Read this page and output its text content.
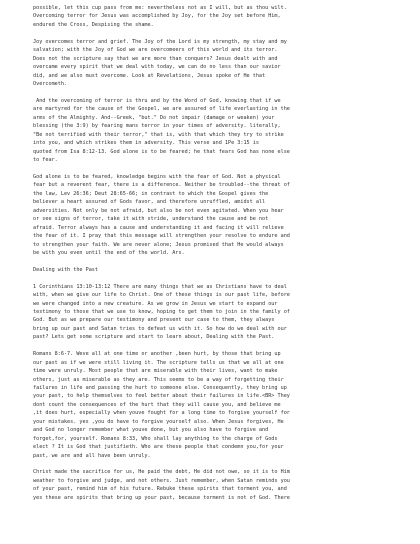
possible, let this cup pass from me: nevertheless not as I will, but as thou wilt.
Overcoming terror for Jesus was accomplished by Joy, for the Joy set before Him,
endured the Cross, Despising the shame.

Joy overcomes terror and grief. The Joy of the Lord is my strength, my stay and my
salvation; with the Joy of God we are overcomeers of this world and its terror.
Does not the scripture say that we are more than conquers? Jesus dealt with and
overcame every spirit that we deal with today, we can do no less than our savior
did, and we also must overcome. Look at Revelations, Jesus spoke of He that
Overcometh.

And the overcoming of terror is thru and by the Word of God, knowing that if we
are martyred for the cause of the Gospel, we are assured of life everlasting in the
arms of the Almighty. And--Greek, "but." Do not impair (damage or weaken) your
blessing (the 3:9) by fearing mans terror in your times of adversity. literally,
"Be not terrified with their terror," that is, with that which they try to strike
into you, and which strikes them in adversity. This verse and 1Pe 3:15 is
quoted from Isa 8:12-13. God alone is to be feared; he that fears God has none else
to fear.

God alone is to be feared, knowledge begins with the fear of God. Not a physical
fear but a reverent fear, there is a difference. Neither be troubled--the threat of
the law, Lev 26:36; Deut 28:65-66; in contrast to which the Gospel gives the
believer a heart assured of Gods favor, and therefore unruffled, amidst all
adversities. Not only be not afraid, but also be not even agitated. When you hear
or see signs of terror, take it with stride, understand the cause and be not
afraid. Terror always has a cause and understanding it and facing it will relieve
the fear of it. I pray that this message will strengthen your resolve to endure and
to strengthen your faith. We are never alone; Jesus promised that He would always
be with you even until the end of the world. Ars.

Dealing with the Past

1 Corinthians 13:10-13:12 There are many things that we as Christians have to deal
with, when we give our life to Christ. One of these things is our past life, before
we were changed into a new creature. As we grow in Jesus we start to expand our
testimony to those that we use to know, hoping to get them to join in the family of
God. But as we prepare our testimony and present our case to them, they always
bring up our past and Satan tries to defeat us with it. So how do we deal with our
past? Lets get some scripture and start to learn about, Dealing with the Past.

Romans 8:6-7. Weve all at one time or another ,been hurt, by those that bring up
our past as if we were still living it. The scripture tells us that we all at one
time were unruly. Most people that are miserable with their lives, want to make
others, just as miserable as they are. This seems to be a way of forgetting their
failures in life and passing the hurt to someone else. Consequently, they bring up
your past, to help themselves to feel better about their failures in life.<BR> They
dont count the consequences of the hurt that they will cause you, and believe me
,it does hurt, especially when youve fought for a long time to forgive yourself for
your mistakes. yes ,you do have to forgive yourself also. When Jesus forgives, He
and God no longer remember what youve done, but you also have to forgive and
forget,for, yourself. Romans 8:33, Who shall lay anything to the charge of Gods
elect ? It is God that justifieth. Who are these people that condemn you,for your
past, we are and all have been unruly.

Christ made the sacrifice for us, He paid the debt, He did not owe, so it is to Him
weather to forgive and judge, and not others. Just remember, when Satan reminds you
of your past, remind him of his future. Rebuke these spirits that torment you, and
yes these are spirits that bring up your past, because torment is not of God. There
